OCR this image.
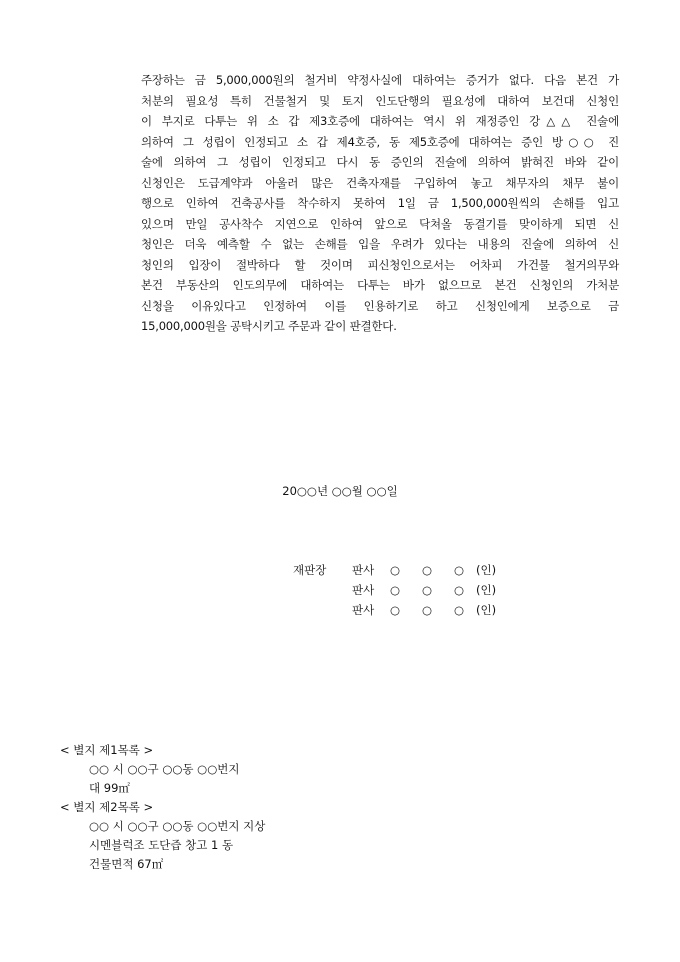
주장하는 금 5,000,000원의 철거비 약정사실에 대하여는 증거가 없다. 다음 본건 가
처분의 필요성 특히 건물철거 및 토지 인도단행의 필요성에 대하여 보건대 신청인
이 부지로 다투는 위 소 갑 제3호증에 대하여는 역시 위 재정증인 강△△ 진술에
의하여 그 성립이 인정되고 소 갑 제4호증, 동 제5호증에 대하여는 증인 방○○ 진
술에 의하여 그 성립이 인정되고 다시 동 증인의 진술에 의하여 밝혀진 바와 같이
신청인은 도급계약과 아울러 많은 건축자재를 구입하여 놓고 채무자의 채무 불이
행으로 인하여 건축공사를 착수하지 못하여 1일 금 1,500,000원씩의 손해를 입고
있으며 만일 공사착수 지연으로 인하여 앞으로 닥쳐올 동결기를 맞이하게 되면 신
청인은 더욱 예측할 수 없는 손해를 입을 우려가 있다는 내용의 진술에 의하여 신
청인의 입장이 절박하다 할 것이며 피신청인으로서는 어차피 가건물 철거의무와
본건 부동산의 인도의무에 대하여는 다투는 바가 없으므로 본건 신청인의 가처분
신청을 이유있다고 인정하여 이를 인용하기로 하고 신청인에게 보증으로 금
15,000,000원을 공탁시키고 주문과 같이 판결한다.

20○○년 ○○월 ○○일

재판장 판사 ○ ○ ○ (인)
판사 ○ ○ ○ (인)
판사 ○ ○ ○ (인)

< 별지 제1목록 >

○○ 시 ○○구 ○○동 ○○번지

대 99㎡

< 별지 제2목록 >

○○ 시 ○○구 ○○동 ○○번지 지상

시멘블럭조 도단즙 창고 1 동

건물면적 67㎡
